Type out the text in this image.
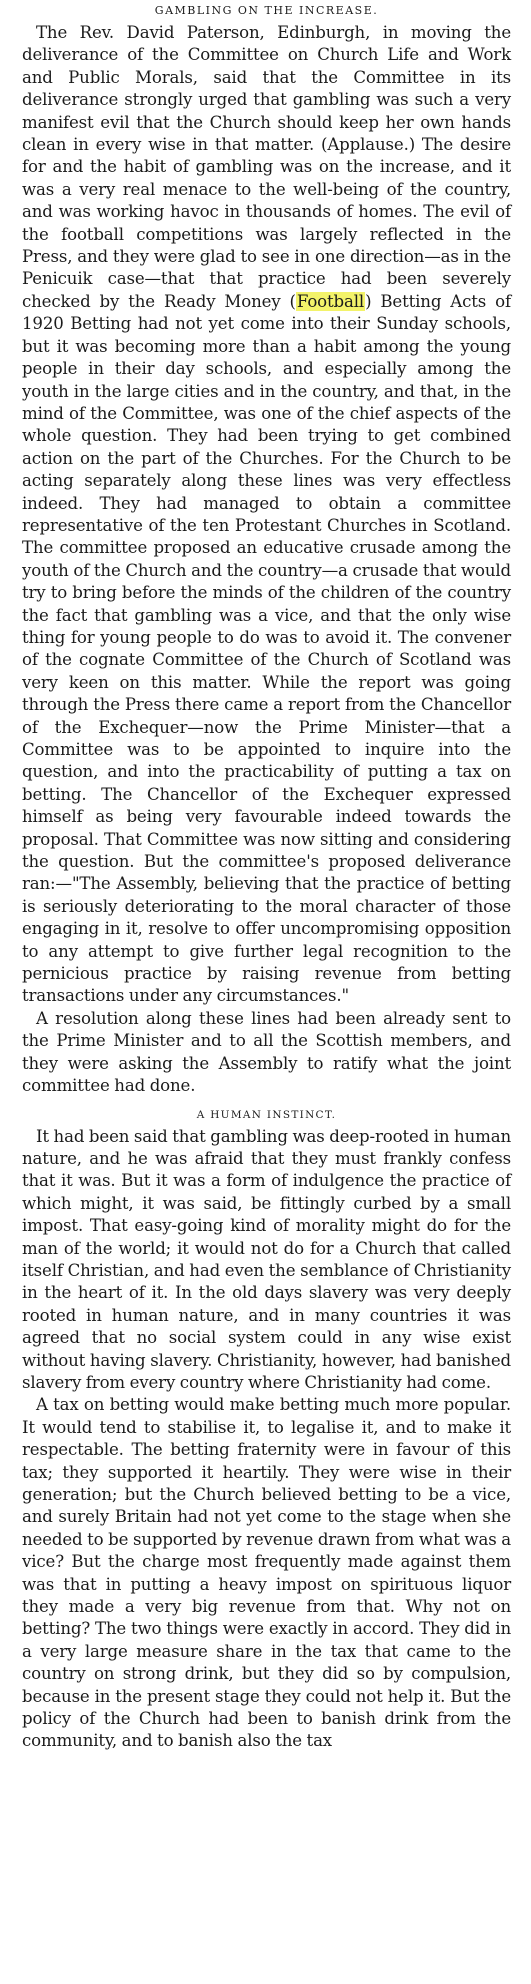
GAMBLING ON THE INCREASE.

The Rev. David Paterson, Edinburgh, in moving the deliverance of the Committee on Church Life and Work and Public Morals, said that the Committee in its deliverance strongly urged that gambling was such a very manifest evil that the Church should keep her own hands clean in every wise in that matter. (Applause.) The desire for and the habit of gambling was on the increase, and it was a very real menace to the well-being of the country, and was working havoc in thousands of homes. The evil of the football competitions was largely reflected in the Press, and they were glad to see in one direction—as in the Penicuik case—that that practice had been severely checked by the Ready Money (Football) Betting Acts of 1920 Betting had not yet come into their Sunday schools, but it was becoming more than a habit among the young people in their day schools, and especially among the youth in the large cities and in the country, and that, in the mind of the Committee, was one of the chief aspects of the whole question. They had been trying to get combined action on the part of the Churches. For the Church to be acting separately along these lines was very effectless indeed. They had managed to obtain a committee representative of the ten Protestant Churches in Scotland. The committee proposed an educative crusade among the youth of the Church and the country—a crusade that would try to bring before the minds of the children of the country the fact that gambling was a vice, and that the only wise thing for young people to do was to avoid it. The convener of the cognate Committee of the Church of Scotland was very keen on this matter. While the report was going through the Press there came a report from the Chancellor of the Exchequer—now the Prime Minister—that a Committee was to be appointed to inquire into the question, and into the practicability of putting a tax on betting. The Chancellor of the Exchequer expressed himself as being very favourable indeed towards the proposal. That Committee was now sitting and considering the question. But the committee's proposed deliverance ran:—"The Assembly, believing that the practice of betting is seriously deteriorating to the moral character of those engaging in it, resolve to offer uncompromising opposition to any attempt to give further legal recognition to the pernicious practice by raising revenue from betting transactions under any circumstances."

A resolution along these lines had been already sent to the Prime Minister and to all the Scottish members, and they were asking the Assembly to ratify what the joint committee had done.

A HUMAN INSTINCT.

It had been said that gambling was deep-rooted in human nature, and he was afraid that they must frankly confess that it was. But it was a form of indulgence the practice of which might, it was said, be fittingly curbed by a small impost. That easy-going kind of morality might do for the man of the world; it would not do for a Church that called itself Christian, and had even the semblance of Christianity in the heart of it. In the old days slavery was very deeply rooted in human nature, and in many countries it was agreed that no social system could in any wise exist without having slavery. Christianity, however, had banished slavery from every country where Christianity had come.

A tax on betting would make betting much more popular. It would tend to stabilise it, to legalise it, and to make it respectable. The betting fraternity were in favour of this tax; they supported it heartily. They were wise in their generation; but the Church believed betting to be a vice, and surely Britain had not yet come to the stage when she needed to be supported by revenue drawn from what was a vice? But the charge most frequently made against them was that in putting a heavy impost on spirituous liquor they made a very big revenue from that. Why not on betting? The two things were exactly in accord. They did in a very large measure share in the tax that came to the country on strong drink, but they did so by compulsion, because in the present stage they could not help it. But the policy of the Church had been to banish drink from the community, and to banish also the tax
